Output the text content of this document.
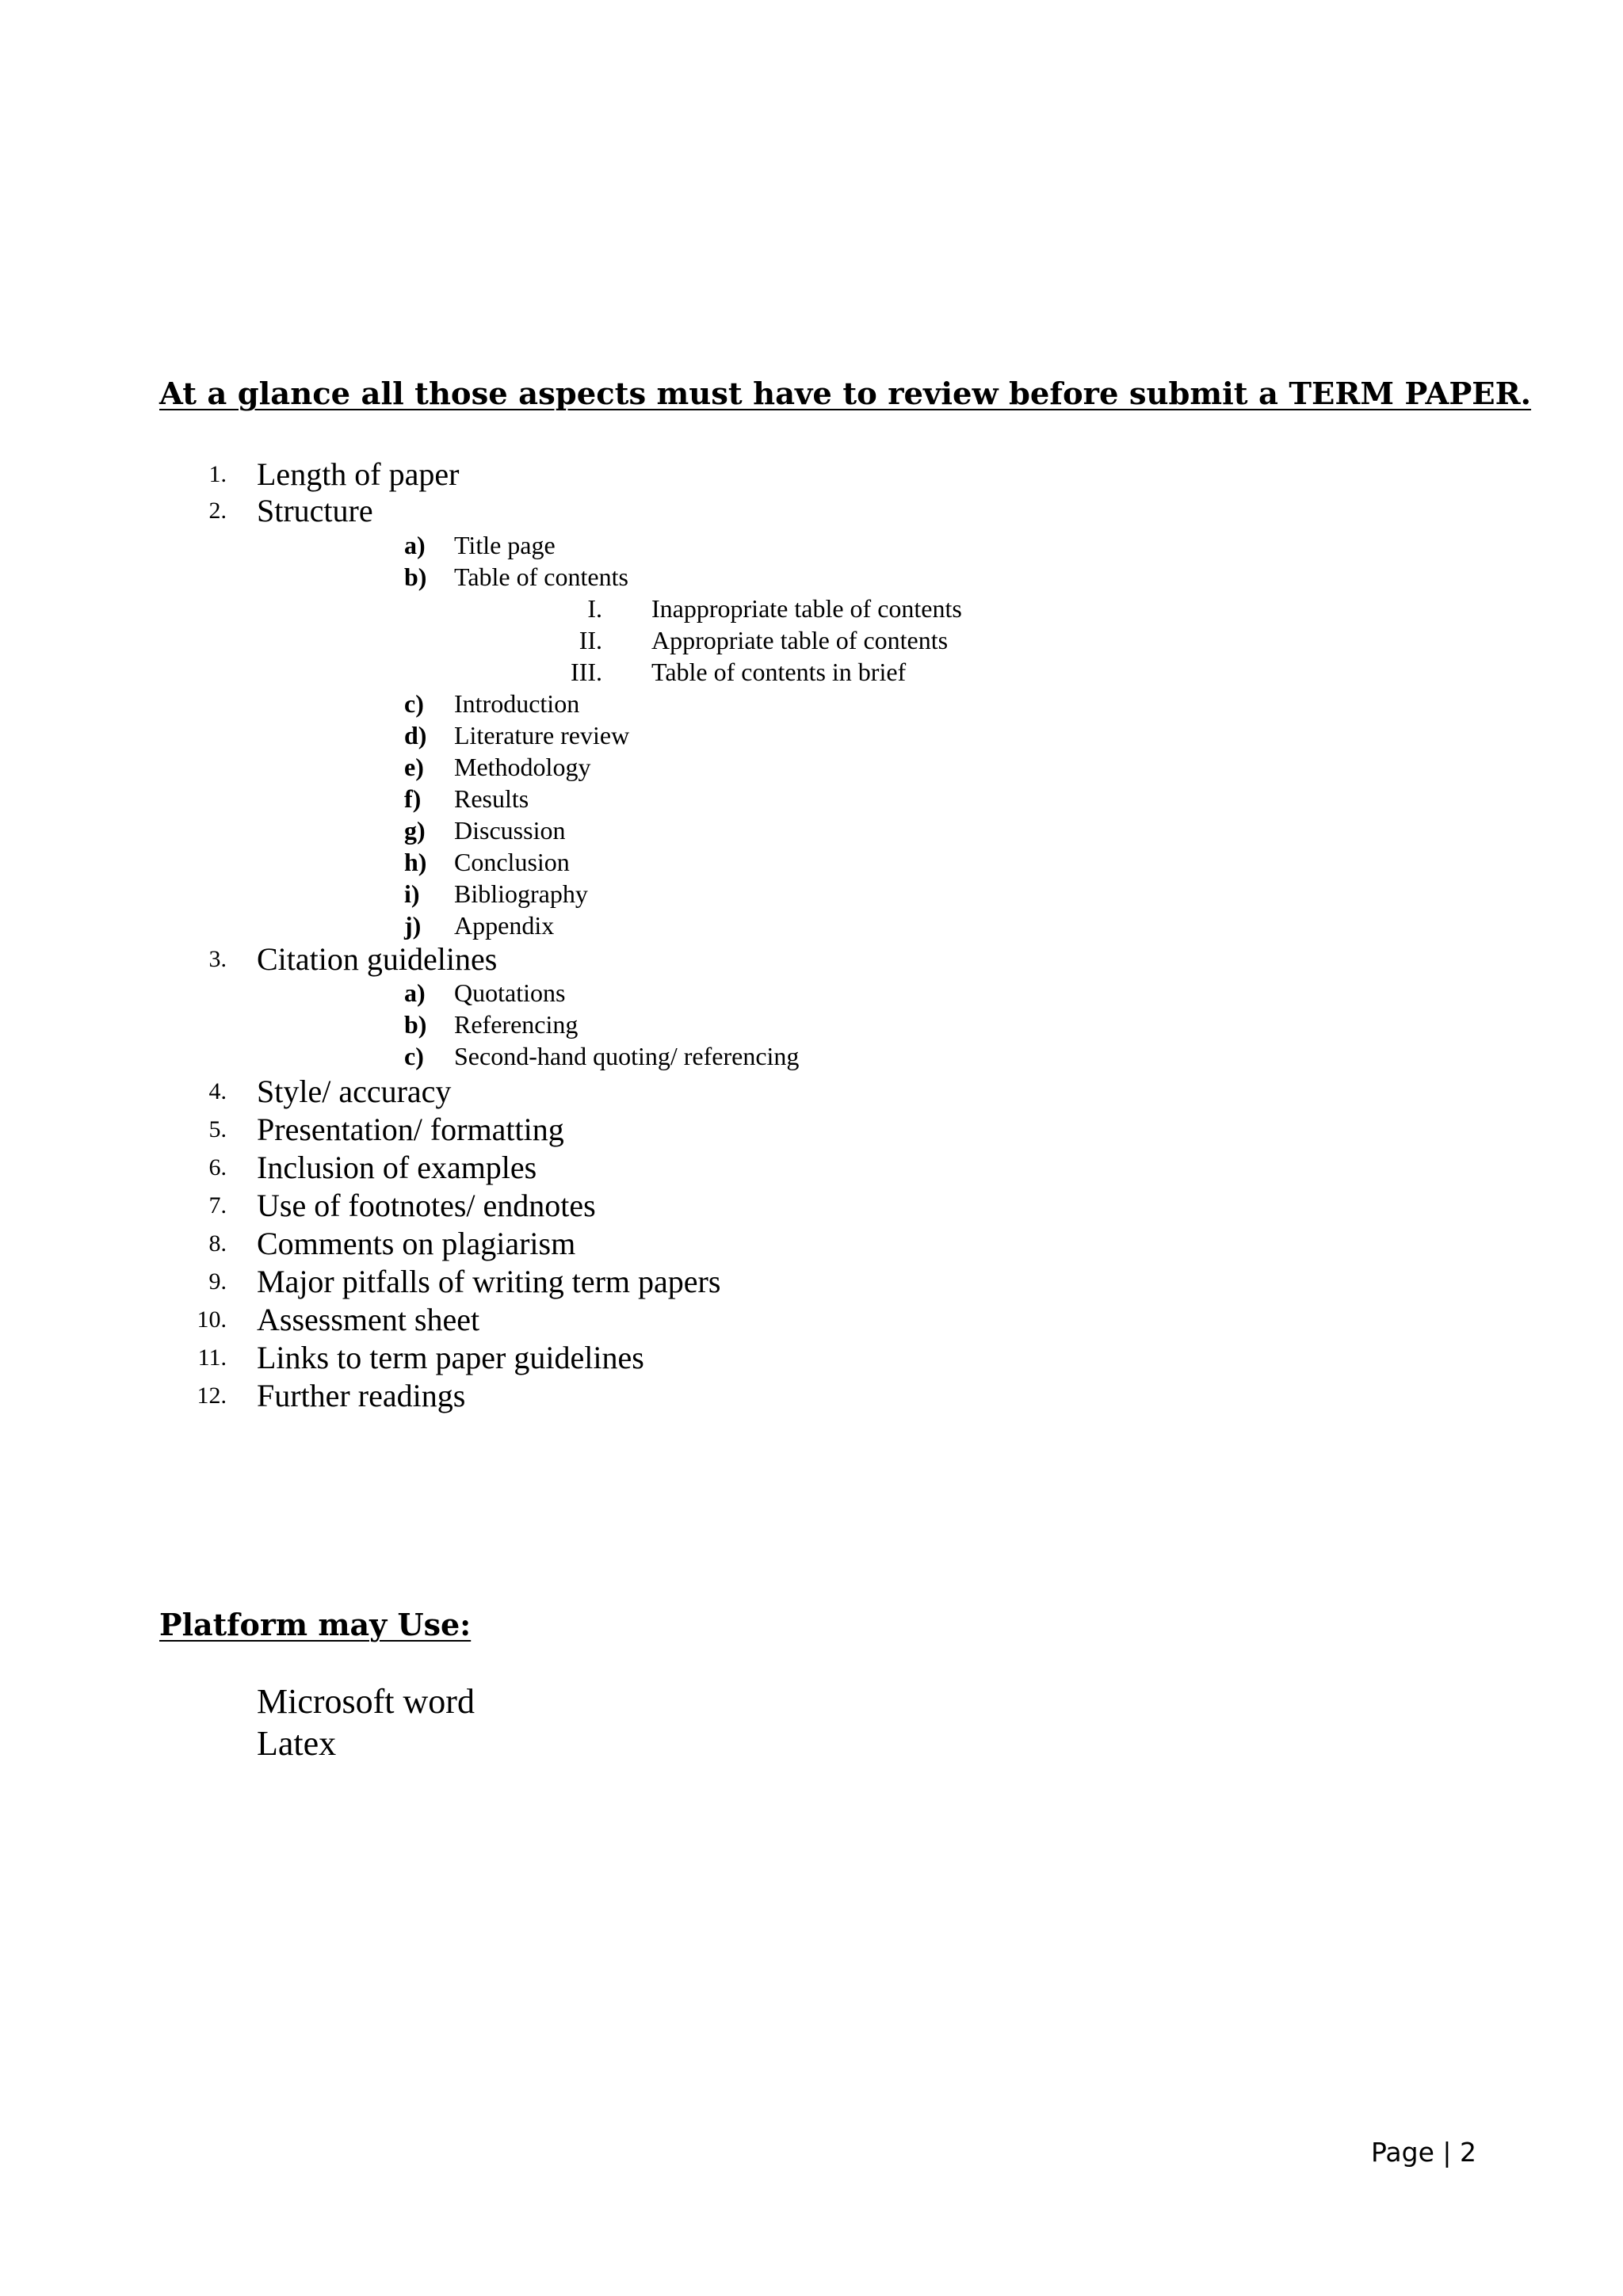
At a glance all those aspects must have to review before submit a TERM PAPER.
1. Length of paper
2. Structure
a) Title page
b) Table of contents
I. Inappropriate table of contents
II. Appropriate table of contents
III. Table of contents in brief
c) Introduction
d) Literature review
e) Methodology
f) Results
g) Discussion
h) Conclusion
i) Bibliography
j) Appendix
3. Citation guidelines
a) Quotations
b) Referencing
c) Second-hand quoting/ referencing
4. Style/ accuracy
5. Presentation/ formatting
6. Inclusion of examples
7. Use of footnotes/ endnotes
8. Comments on plagiarism
9. Major pitfalls of writing term papers
10. Assessment sheet
11. Links to term paper guidelines
12. Further readings
Platform may Use:
Microsoft word
Latex
Page | 2
